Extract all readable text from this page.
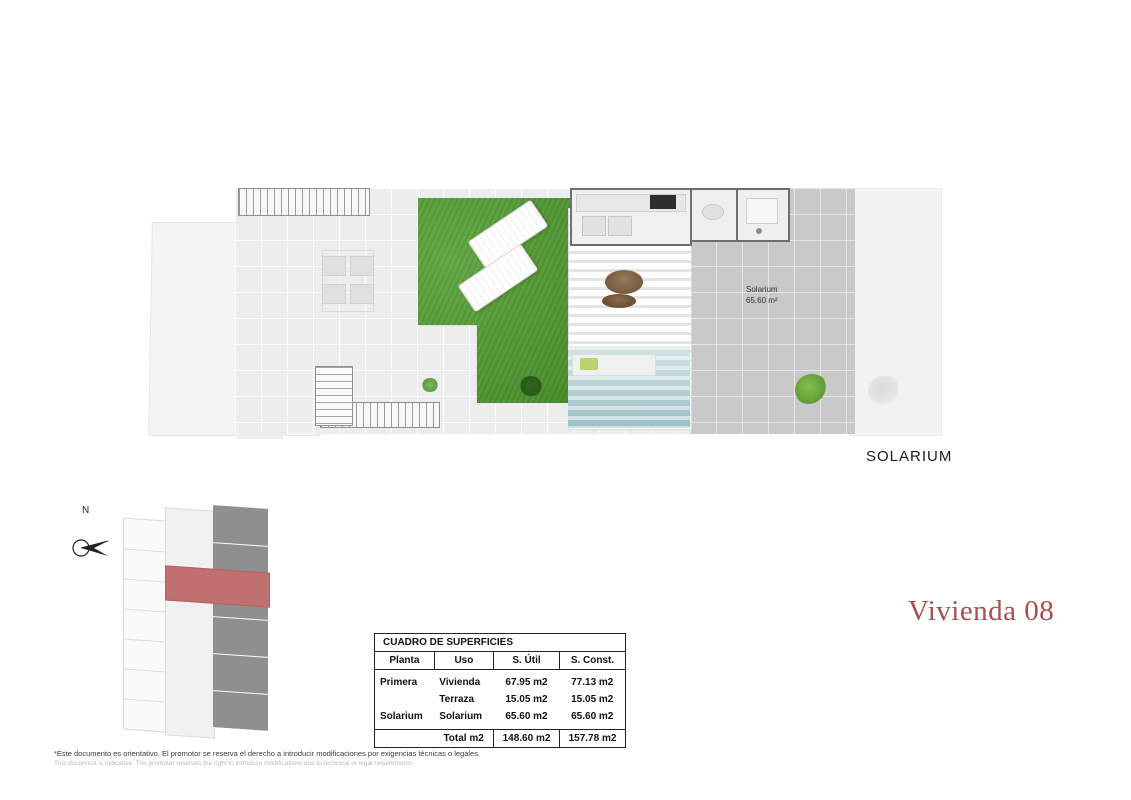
Solarium
65.60 m²
SOLARIUM
N
CUADRO DE SUPERFICIES			
Planta	Uso	S. Útil	S. Const.

Primera	Vivienda	67.95 m2	77.13 m2
	Terraza	15.05 m2	15.05 m2
Solarium	Solarium	65.60 m2	65.60 m2

	Total m2	148.60 m2	157.78 m2
Vivienda 08
*Este documento es orientativo. El promotor se reserva el derecho a introducir modificaciones por exigencias técnicas o legales.
This document is indicative. The promoter reserves the right to introduce modifications due to technical or legal requirements.
